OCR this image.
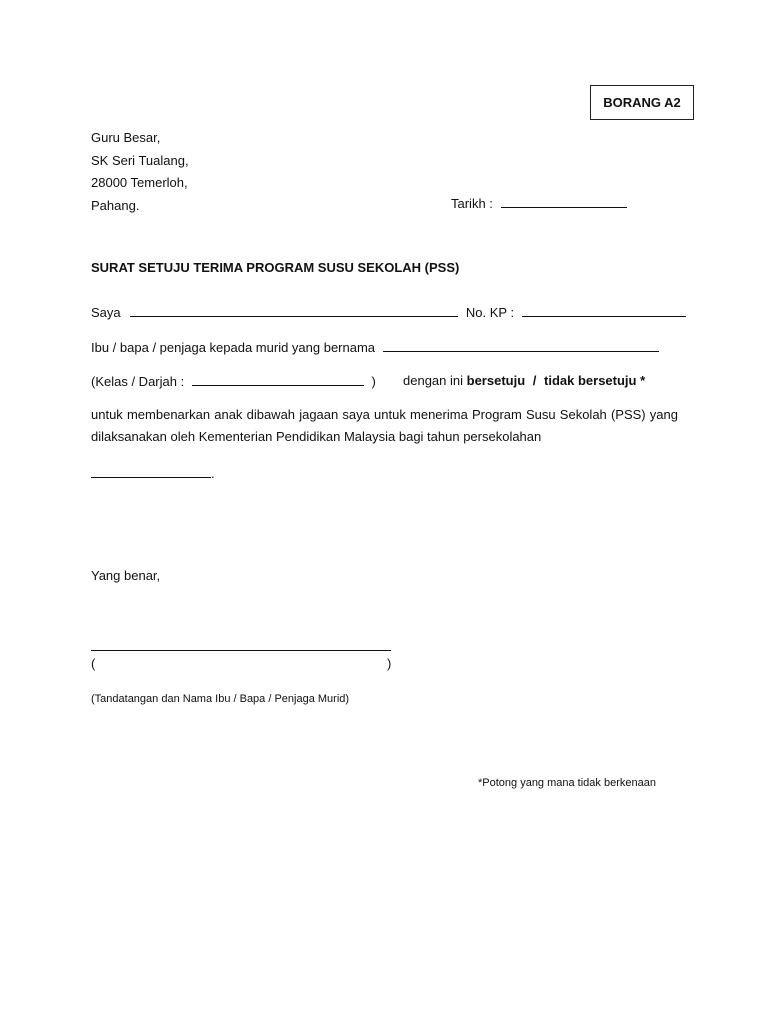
BORANG A2
Guru Besar,
SK Seri Tualang,
28000 Temerloh,
Pahang.	Tarikh :
SURAT SETUJU TERIMA PROGRAM SUSU SEKOLAH (PSS)
Saya	No. KP :
Ibu / bapa / penjaga kepada murid yang bernama
(Kelas / Darjah :	) dengan ini bersetuju / tidak bersetuju *
untuk membenarkan anak dibawah jagaan saya untuk menerima Program Susu Sekolah (PSS) yang dilaksanakan oleh Kementerian Pendidikan Malaysia bagi tahun persekolahan
.
Yang benar,
(	)
(Tandatangan dan Nama Ibu / Bapa / Penjaga Murid)
*Potong yang mana tidak berkenaan
